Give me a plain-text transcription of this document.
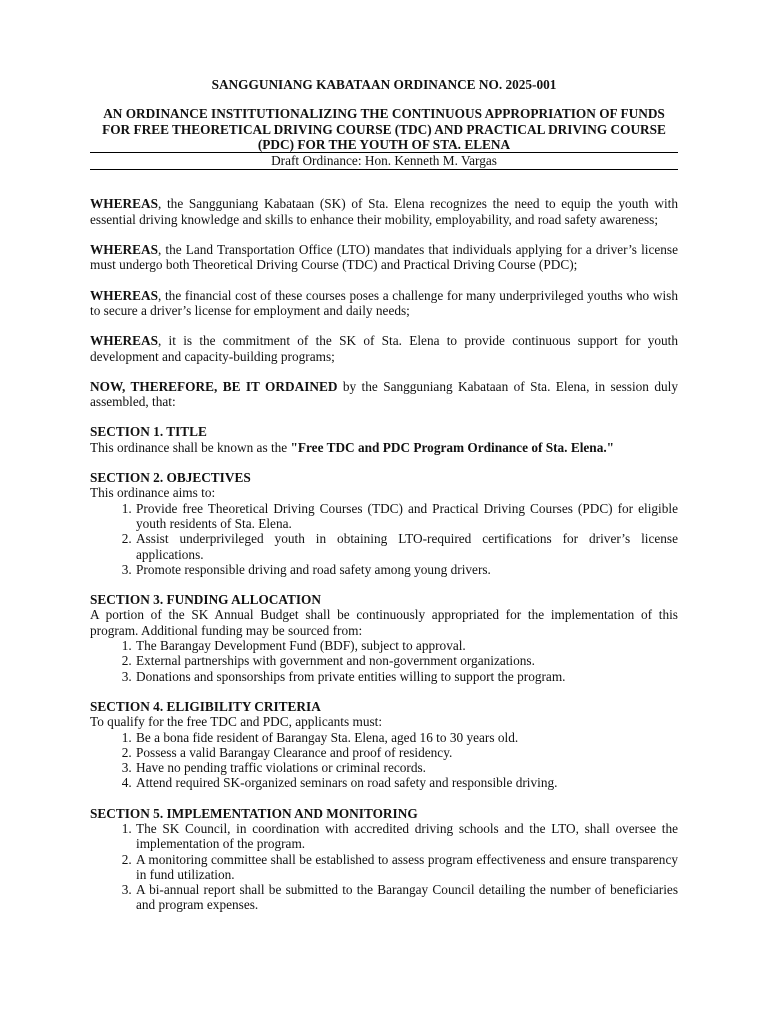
SANGGUNIANG KABATAAN ORDINANCE NO. 2025-001

AN ORDINANCE INSTITUTIONALIZING THE CONTINUOUS APPROPRIATION OF FUNDS FOR FREE THEORETICAL DRIVING COURSE (TDC) AND PRACTICAL DRIVING COURSE (PDC) FOR THE YOUTH OF STA. ELENA

Draft Ordinance: Hon. Kenneth M. Vargas

WHEREAS, the Sangguniang Kabataan (SK) of Sta. Elena recognizes the need to equip the youth with essential driving knowledge and skills to enhance their mobility, employability, and road safety awareness;

WHEREAS, the Land Transportation Office (LTO) mandates that individuals applying for a driver’s license must undergo both Theoretical Driving Course (TDC) and Practical Driving Course (PDC);

WHEREAS, the financial cost of these courses poses a challenge for many underprivileged youths who wish to secure a driver’s license for employment and daily needs;

WHEREAS, it is the commitment of the SK of Sta. Elena to provide continuous support for youth development and capacity-building programs;

NOW, THEREFORE, BE IT ORDAINED by the Sangguniang Kabataan of Sta. Elena, in session duly assembled, that:

SECTION 1. TITLE

This ordinance shall be known as the "Free TDC and PDC Program Ordinance of Sta. Elena."

SECTION 2. OBJECTIVES

This ordinance aims to:

1. Provide free Theoretical Driving Courses (TDC) and Practical Driving Courses (PDC) for eligible youth residents of Sta. Elena.
2. Assist underprivileged youth in obtaining LTO-required certifications for driver’s license applications.
3. Promote responsible driving and road safety among young drivers.

SECTION 3. FUNDING ALLOCATION

A portion of the SK Annual Budget shall be continuously appropriated for the implementation of this program. Additional funding may be sourced from:

1. The Barangay Development Fund (BDF), subject to approval.
2. External partnerships with government and non-government organizations.
3. Donations and sponsorships from private entities willing to support the program.

SECTION 4. ELIGIBILITY CRITERIA

To qualify for the free TDC and PDC, applicants must:

1. Be a bona fide resident of Barangay Sta. Elena, aged 16 to 30 years old.
2. Possess a valid Barangay Clearance and proof of residency.
3. Have no pending traffic violations or criminal records.
4. Attend required SK-organized seminars on road safety and responsible driving.

SECTION 5. IMPLEMENTATION AND MONITORING

1. The SK Council, in coordination with accredited driving schools and the LTO, shall oversee the implementation of the program.
2. A monitoring committee shall be established to assess program effectiveness and ensure transparency in fund utilization.
3. A bi-annual report shall be submitted to the Barangay Council detailing the number of beneficiaries and program expenses.
